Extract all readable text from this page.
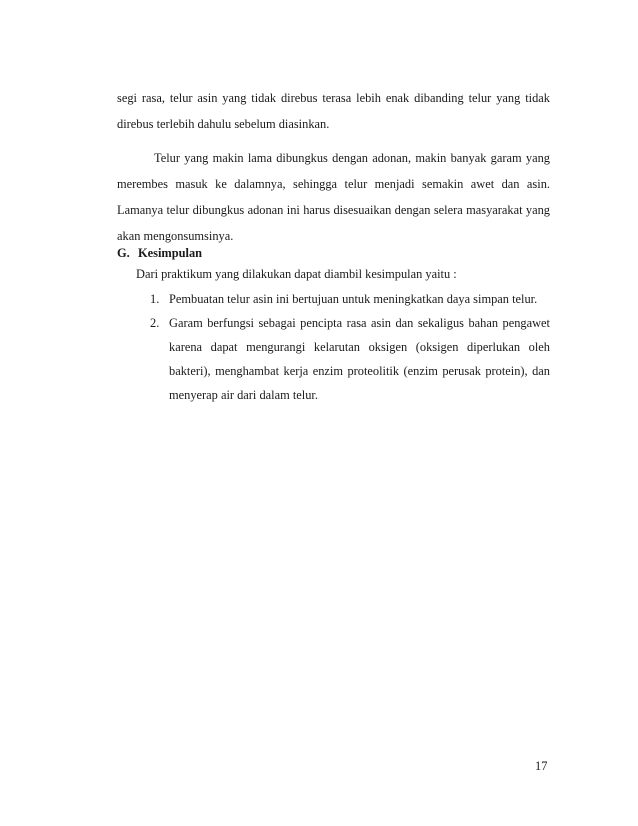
segi rasa, telur asin yang tidak direbus terasa lebih enak dibanding telur yang tidak direbus terlebih dahulu sebelum diasinkan.

Telur yang makin lama dibungkus dengan adonan, makin banyak garam yang merembes masuk ke dalamnya, sehingga telur menjadi semakin awet dan asin. Lamanya telur dibungkus adonan ini harus disesuaikan dengan selera masyarakat yang akan mengonsumsinya.

G. Kesimpulan

Dari praktikum yang dilakukan dapat diambil kesimpulan yaitu :

1. Pembuatan telur asin ini bertujuan untuk meningkatkan daya simpan telur.
2. Garam berfungsi sebagai pencipta rasa asin dan sekaligus bahan pengawet karena dapat mengurangi kelarutan oksigen (oksigen diperlukan oleh bakteri), menghambat kerja enzim proteolitik (enzim perusak protein), dan menyerap air dari dalam telur.

17
